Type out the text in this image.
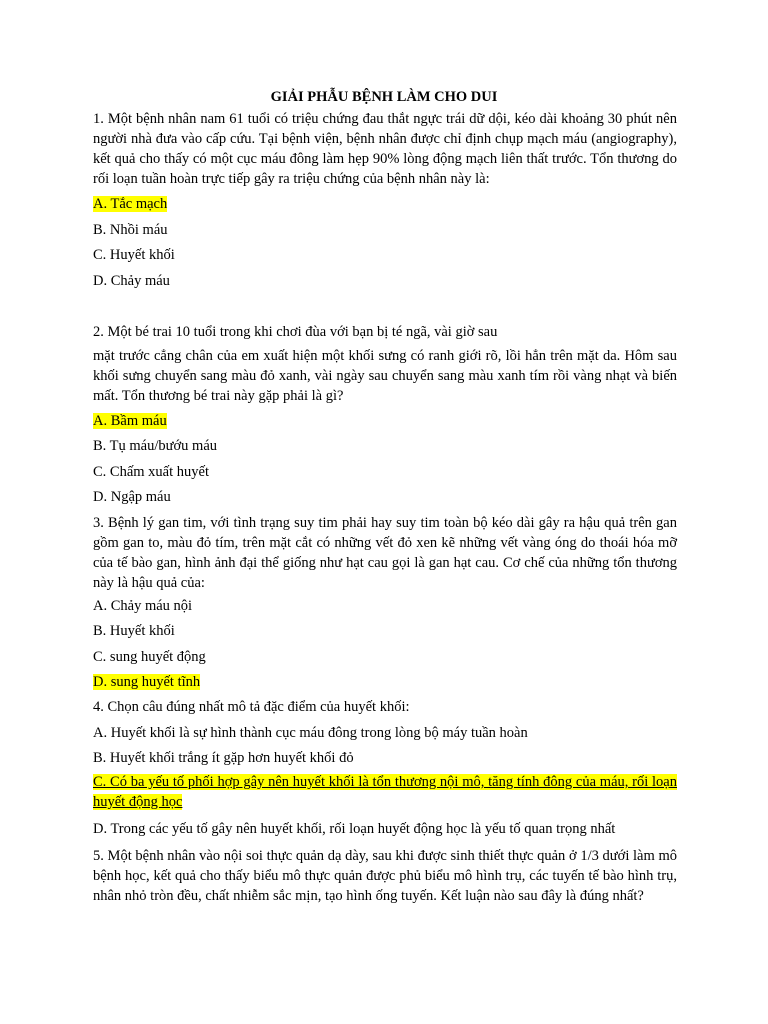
GIẢI PHẪU BỆNH LÀM CHO DUI
1. Một bệnh nhân nam 61 tuổi có triệu chứng đau thắt ngực trái dữ dội, kéo dài khoảng 30 phút nên người nhà đưa vào cấp cứu. Tại bệnh viện, bệnh nhân được chỉ định chụp mạch máu (angiography), kết quả cho thấy có một cục máu đông làm hẹp 90% lòng động mạch liên thất trước. Tổn thương do rối loạn tuần hoàn trực tiếp gây ra triệu chứng của bệnh nhân này là:
A. Tắc mạch
B. Nhồi máu
C. Huyết khối
D. Chảy máu
2. Một bé trai 10 tuổi trong khi chơi đùa với bạn bị té ngã, vài giờ sau
mặt trước cẳng chân của em xuất hiện một khối sưng có ranh giới rõ, lồi hẳn trên mặt da. Hôm sau khối sưng chuyển sang màu đỏ xanh, vài ngày sau chuyển sang màu xanh tím rồi vàng nhạt và biến mất. Tổn thương bé trai này gặp phải là gì?
A. Bầm máu
B. Tụ máu/bướu máu
C. Chấm xuất huyết
D. Ngập máu
3. Bệnh lý gan tim, với tình trạng suy tim phải hay suy tim toàn bộ kéo dài gây ra hậu quả trên gan gồm gan to, màu đỏ tím, trên mặt cắt có những vết đỏ xen kẽ những vết vàng óng do thoái hóa mỡ của tế bào gan, hình ảnh đại thể giống như hạt cau gọi là gan hạt cau. Cơ chế của những tổn thương này là hậu quả của:
A. Chảy máu nội
B. Huyết khối
C. sung huyết động
D. sung huyết tĩnh
4. Chọn câu đúng nhất mô tả đặc điểm của huyết khối:
A. Huyết khối là sự hình thành cục máu đông trong lòng bộ máy tuần hoàn
B. Huyết khối trắng ít gặp hơn huyết khối đỏ
C. Có ba yếu tố phối hợp gây nên huyết khối là tổn thương nội mô, tăng tính đông của máu, rối loạn huyết động học
D. Trong các yếu tố gây nên huyết khối, rối loạn huyết động học là yếu tố quan trọng nhất
5. Một bệnh nhân vào nội soi thực quản dạ dày, sau khi được sinh thiết thực quản ở 1/3 dưới làm mô bệnh học, kết quả cho thấy biểu mô thực quản được phủ biểu mô hình trụ, các tuyến tế bào hình trụ, nhân nhỏ tròn đều, chất nhiễm sắc mịn, tạo hình ống tuyến. Kết luận nào sau đây là đúng nhất?
